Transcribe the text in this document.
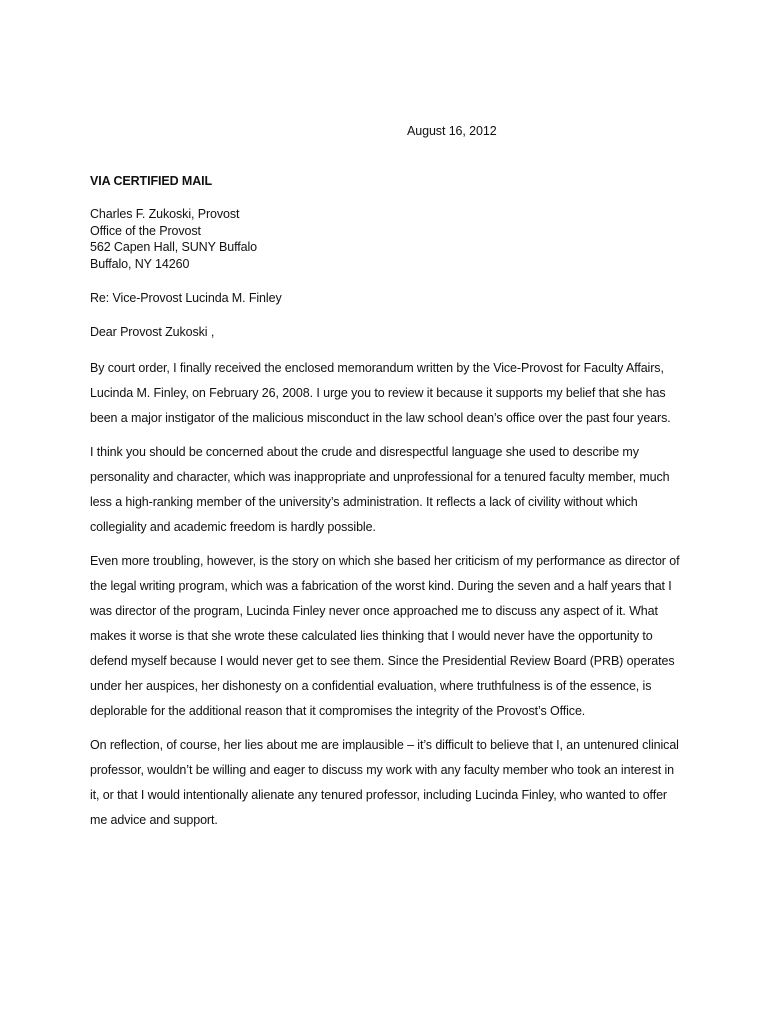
August 16, 2012
VIA CERTIFIED MAIL
Charles F. Zukoski, Provost
Office of the Provost
562 Capen Hall, SUNY Buffalo
Buffalo, NY 14260
Re: Vice-Provost Lucinda M. Finley
Dear Provost Zukoski ,

By court order, I finally received the enclosed memorandum written by the Vice-Provost for Faculty Affairs, Lucinda M. Finley, on February 26, 2008. I urge you to review it because it supports my belief that she has been a major instigator of the malicious misconduct in the law school dean’s office over the past four years.

I think you should be concerned about the crude and disrespectful language she used to describe my personality and character, which was inappropriate and unprofessional for a tenured faculty member, much less a high-ranking member of the university’s administration. It reflects a lack of civility without which collegiality and academic freedom is hardly possible.

Even more troubling, however, is the story on which she based her criticism of my performance as director of the legal writing program, which was a fabrication of the worst kind. During the seven and a half years that I was director of the program, Lucinda Finley never once approached me to discuss any aspect of it. What makes it worse is that she wrote these calculated lies thinking that I would never have the opportunity to defend myself because I would never get to see them. Since the Presidential Review Board (PRB) operates under her auspices, her dishonesty on a confidential evaluation, where truthfulness is of the essence, is deplorable for the additional reason that it compromises the integrity of the Provost’s Office.

On reflection, of course, her lies about me are implausible – it’s difficult to believe that I, an untenured clinical professor, wouldn’t be willing and eager to discuss my work with any faculty member who took an interest in it, or that I would intentionally alienate any tenured professor, including Lucinda Finley, who wanted to offer me advice and support.
